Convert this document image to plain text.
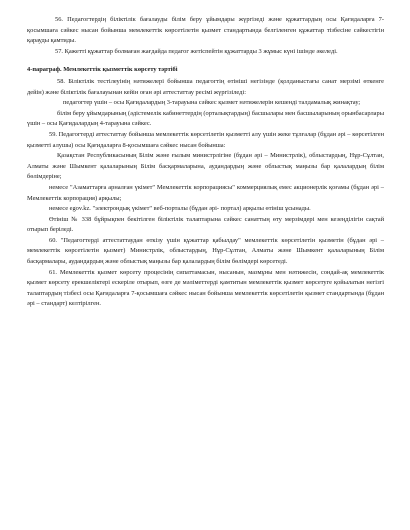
56. Педагогтердің біліктілік бағалауды білім беру ұйымдары жүргізеді және құжаттардың осы Қағидаларға 7-қосымшаға сәйкес нысан бойынша мемлекеттік көрсетілетін қызмет стандартында белгіленген құжаттар тізбесіне сәйкестігін қарауды қамтиды.

57. Қажетті құжаттар болмаған жағдайда педагог жетіспейтін құжаттарды 3 жұмыс күні ішінде әкеледі.

4-параграф. Мемлекеттік қызметтік көрсету тәртібі

58. Біліктілік тестілеуінің нәтижелері бойынша педагогтің өтініші негізінде (қолданыстағы санат мерзімі өткенге дейін) және біліктілік бағалауынан кейін оған әрі аттестаттау ресімі жүргізіледі:

педагогтер үшін – осы Қағидалардың 3-тарауына сәйкес қызмет нәтижелерін кешенді талдамалық жинақтау;

білім беру ұйымдарының (әдістемелік кабинеттердің (орталықтардың) басшылары мен басшыларының орынбасарлары үшін – осы Қағидалардың 4-тарауына сәйкес.

59. Педагогтерді аттестаттау бойынша мемлекеттік көрсетілетін қызметті алу үшін жеке тұлғалар (бұдан әрі – көрсетілген қызметті алушы) осы Қағидаларға 8-қосымшаға сәйкес нысан бойынша:

Қазақстан Республикасының Білім және ғылым министрлігіне (бұдан әрі – Министрлік), облыстардың, Нұр-Сұлтан, Алматы және Шымкент қалаларының Білім басқармаларына, аудандардың және облыстық маңызы бар қалалардың білім бөлімдеріне;

немесе "Азаматтарға арналған үкімет" Мемлекеттік корпорациясы" коммерциялық емес акционерлік қоғамы (бұдан әрі – Мемлекеттік корпорация) арқылы;

немесе egov.kz. "электрондық үкімет" веб-порталы (бұдан әрі- портал) арқылы өтініш ұсынады.

Өтініш № 338 бұйрықпен бекітілген біліктілік талаптарына сәйкес санаттың өту мерзімдері мен кезеңділігін сақтай отырып беріледі.

60. "Педагогтерді аттестаттаудан өткізу үшін құжаттар қабылдау" мемлекеттік көрсетілетін қызметін (бұдан әрі – мемлекеттік көрсетілетін қызмет) Министрлік, облыстардың, Нұр-Сұлтан, Алматы және Шымкент қалаларының Білім басқармалары, аудандардың және облыстық маңызы бар қалалардың білім бөлімдері көрсетеді.

61. Мемлекеттік қызмет көрсету процесінің сипаттамасын, нысанын, мазмұны мен нәтижесін, сондай-ақ мемлекеттік қызмет көрсету ерекшеліктері ескеріле отырып, өзге де мәліметтерді қамтитын мемлекеттік қызмет көрсетуге қойылатын негізгі талаптардың тізбесі осы Қағидаларға 7-қосымшаға сәйкес нысан бойынша мемлекеттік көрсетілетін қызмет стандартында (бұдан әрі – стандарт) келтірілген.
